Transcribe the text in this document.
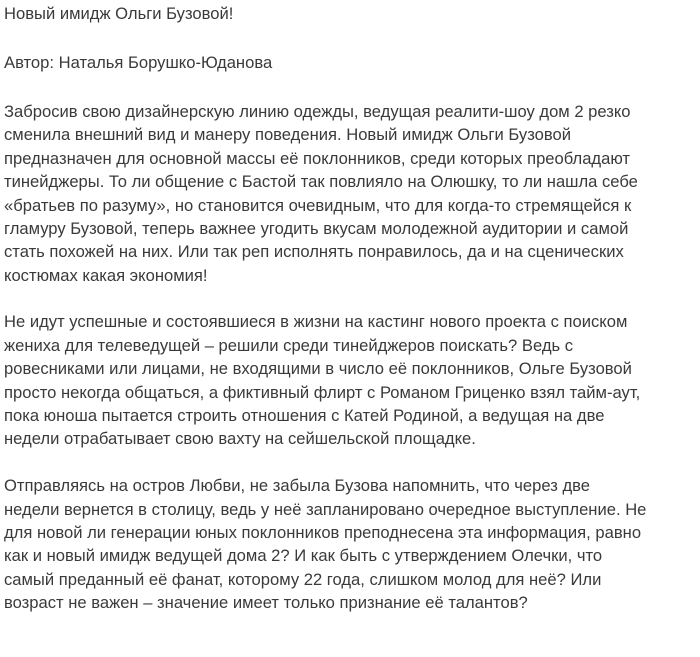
Новый имидж Ольги Бузовой!
Автор: Наталья Борушко-Юданова
Забросив свою дизайнерскую линию одежды, ведущая реалити-шоу дом 2 резко
сменила внешний вид и манеру поведения. Новый имидж Ольги Бузовой
предназначен для основной массы её поклонников, среди которых преобладают
тинейджеры. То ли общение с Бастой так повлияло на Олюшку, то ли нашла себе
«братьев по разуму», но становится очевидным, что для когда-то стремящейся к
гламуру Бузовой, теперь важнее угодить вкусам молодежной аудитории и самой
стать похожей на них. Или так реп исполнять понравилось, да и на сценических
костюмах какая экономия!
Не идут успешные и состоявшиеся в жизни на кастинг нового проекта с поиском
жениха для телеведущей – решили среди тинейджеров поискать? Ведь с
ровесниками или лицами, не входящими в число её поклонников, Ольге Бузовой
просто некогда общаться, а фиктивный флирт с Романом Гриценко взял тайм-аут,
пока юноша пытается строить отношения с Катей Родиной, а ведущая на две
недели отрабатывает свою вахту на сейшельской площадке.
Отправляясь на остров Любви, не забыла Бузова напомнить, что через две
недели вернется в столицу, ведь у неё запланировано очередное выступление. Не
для новой ли генерации юных поклонников преподнесена эта информация, равно
как и новый имидж ведущей дома 2? И как быть с утверждением Олечки, что
самый преданный её фанат, которому 22 года, слишком молод для неё? Или
возраст не важен – значение имеет только признание её талантов?
